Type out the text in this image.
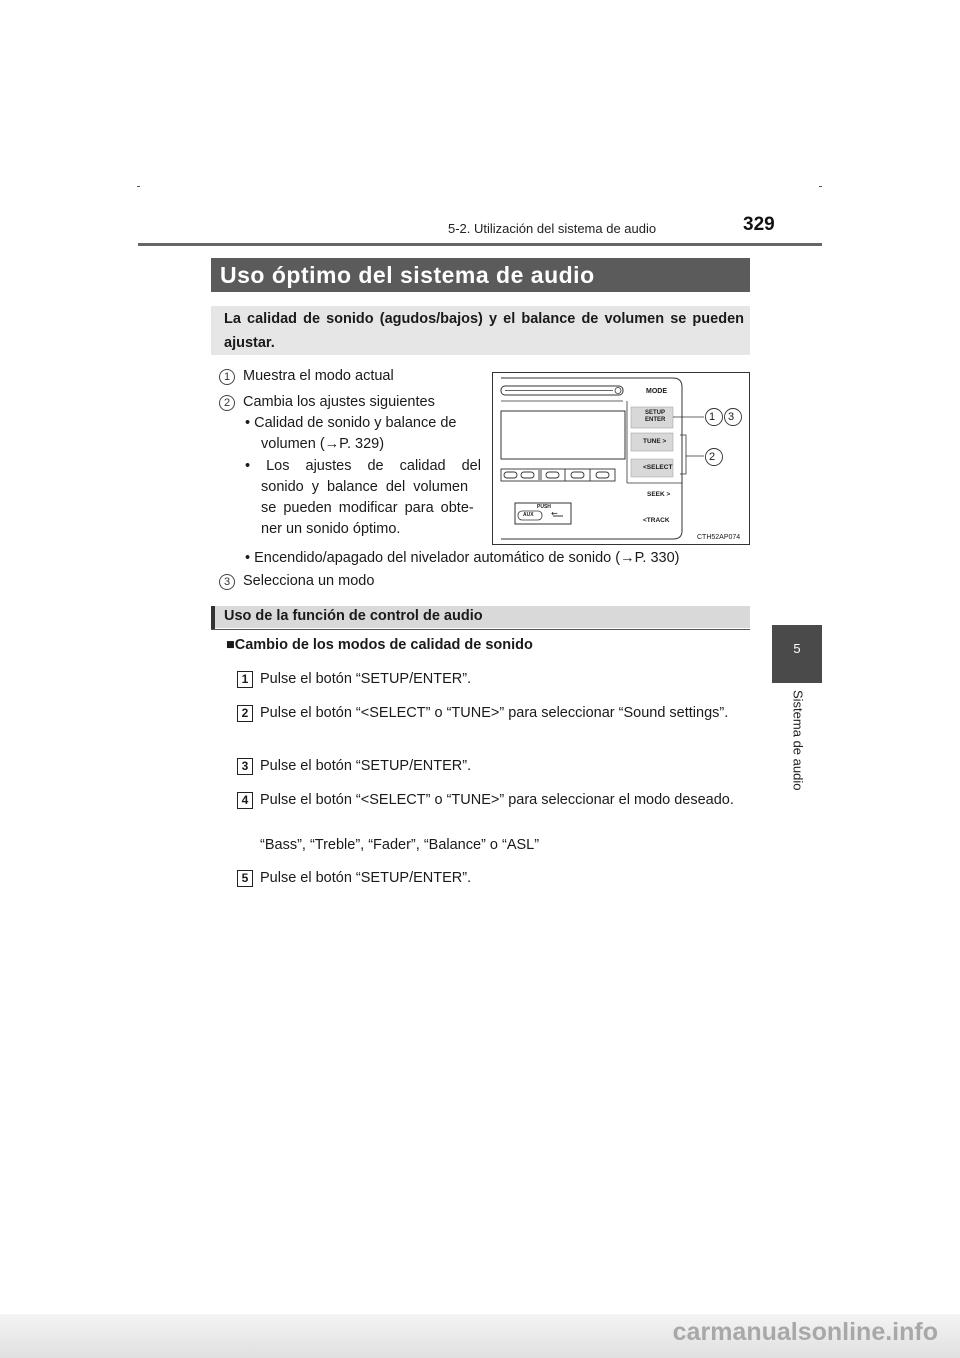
5-2. Utilización del sistema de audio	329
5
Sistema de audio
Uso óptimo del sistema de audio
La calidad de sonido (agudos/bajos) y el balance de volumen se pueden ajustar.
1 Muestra el modo actual
2 Cambia los ajustes siguientes
• Calidad de sonido y balance de
volumen (→P. 329)
• Los ajustes de calidad del
sonido y balance del volumen
se pueden modificar para obte-
ner un sonido óptimo.
• Encendido/apagado del nivelador automático de sonido (→P. 330)
3 Selecciona un modo
MODE
SETUP
ENTER
TUNE >
<SELECT
SEEK >
<TRACK
PUSH
AUX ⇜
1 3
2
CTH52AP074
Uso de la función de control de audio
■Cambio de los modos de calidad de sonido
1 Pulse el botón “SETUP/ENTER”.
2 Pulse el botón “<SELECT” o “TUNE>” para seleccionar “Sound settings”.
3 Pulse el botón “SETUP/ENTER”.
4 Pulse el botón “<SELECT” o “TUNE>” para seleccionar el modo deseado.
“Bass”, “Treble”, “Fader”, “Balance” o “ASL”
5 Pulse el botón “SETUP/ENTER”.
carmanualsonline.info
